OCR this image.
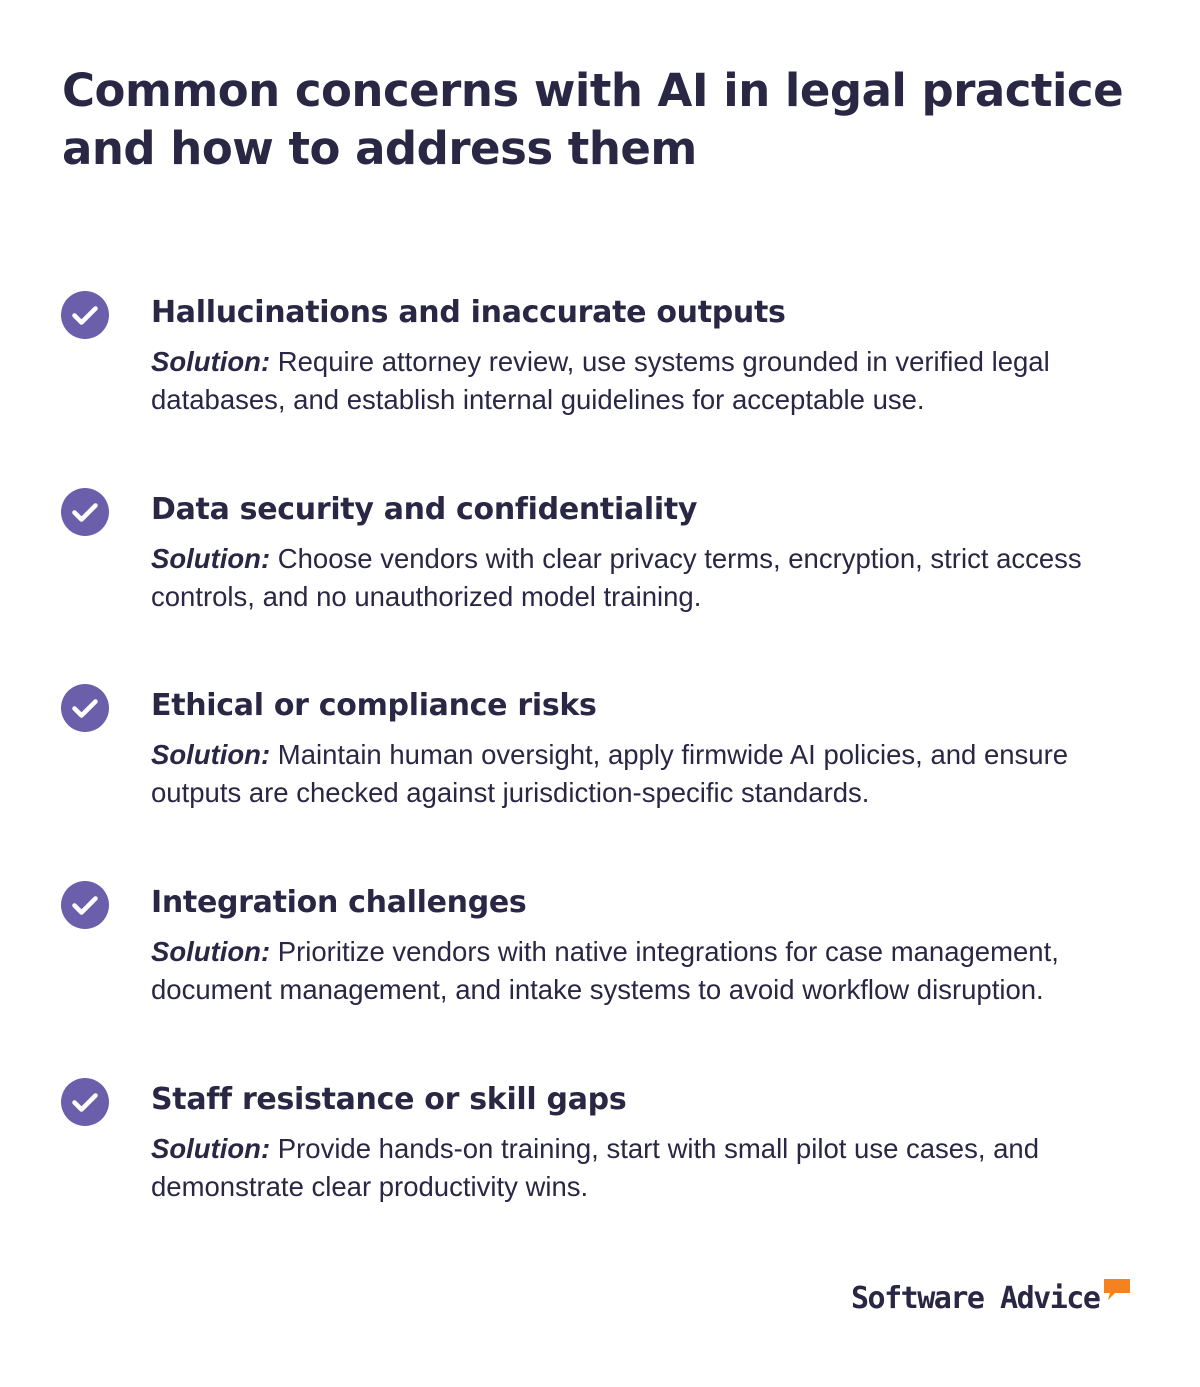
Common concerns with AI in legal practice and how to address them
Hallucinations and inaccurate outputs

Solution: Require attorney review, use systems grounded in verified legal databases, and establish internal guidelines for acceptable use.

Data security and confidentiality

Solution: Choose vendors with clear privacy terms, encryption, strict access controls, and no unauthorized model training.

Ethical or compliance risks

Solution: Maintain human oversight, apply firmwide AI policies, and ensure outputs are checked against jurisdiction-specific standards.

Integration challenges

Solution: Prioritize vendors with native integrations for case management, document management, and intake systems to avoid workflow disruption.

Staff resistance or skill gaps

Solution: Provide hands-on training, start with small pilot use cases, and demonstrate clear productivity wins.

Software Advice
